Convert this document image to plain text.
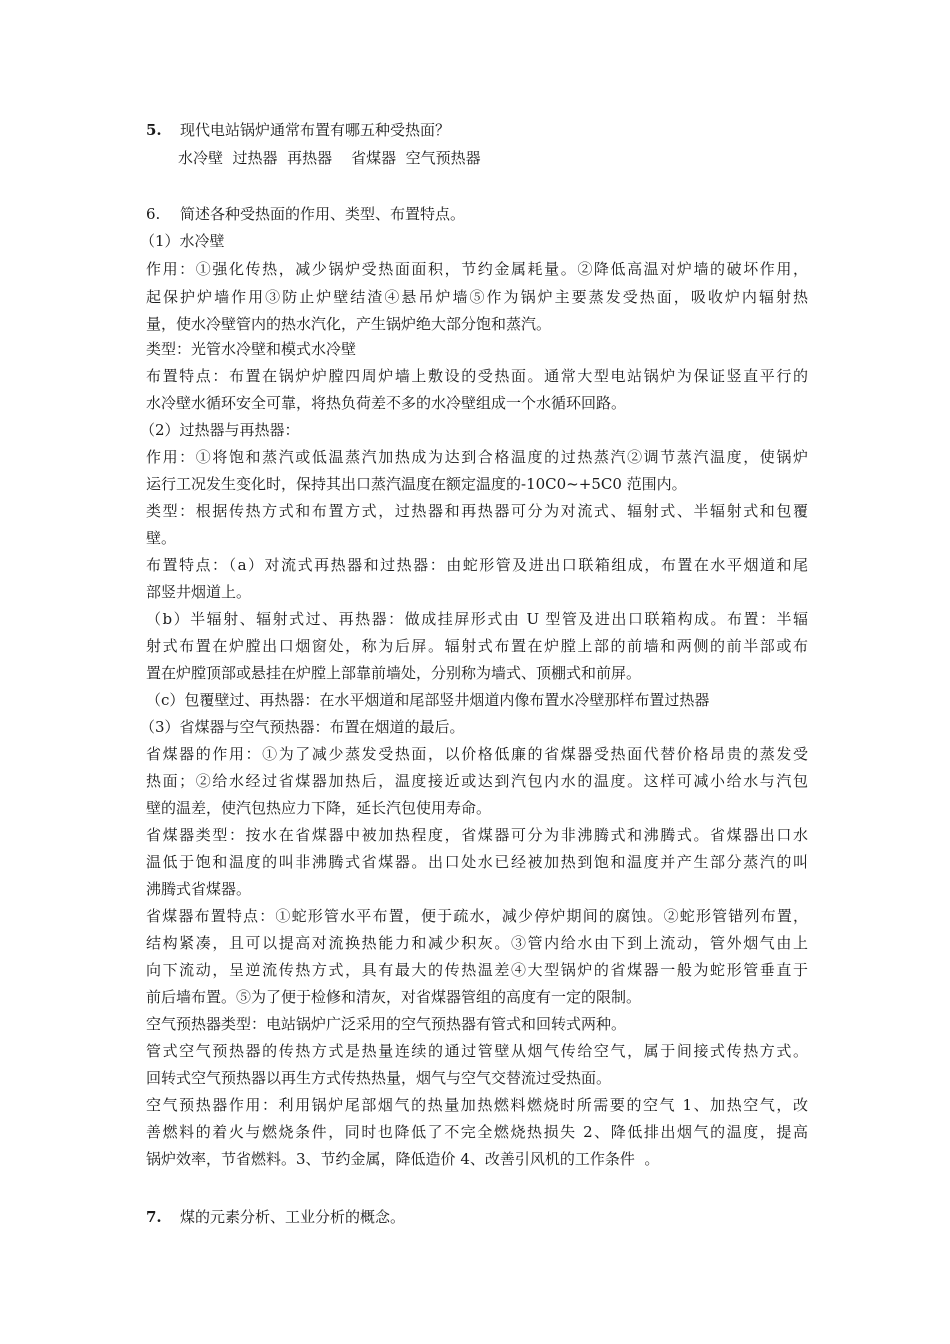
5. 现代电站锅炉通常布置有哪五种受热面？
水冷壁  过热器  再热器    省煤器  空气预热器
6. 简述各种受热面的作用、类型、布置特点。
（1）水冷壁
作用：①强化传热，减少锅炉受热面面积，节约金属耗量。②降低高温对炉墙的破坏作用，
起保护炉墙作用③防止炉壁结渣④悬吊炉墙⑤作为锅炉主要蒸发受热面，吸收炉内辐射热
量，使水冷壁管内的热水汽化，产生锅炉绝大部分饱和蒸汽。
类型：光管水冷壁和模式水冷壁
布置特点：布置在锅炉炉膛四周炉墙上敷设的受热面。通常大型电站锅炉为保证竖直平行的
水冷壁水循环安全可靠，将热负荷差不多的水冷壁组成一个水循环回路。
（2）过热器与再热器：
作用：①将饱和蒸汽或低温蒸汽加热成为达到合格温度的过热蒸汽②调节蒸汽温度，使锅炉
运行工况发生变化时，保持其出口蒸汽温度在额定温度的-10C0~+5C0 范围内。
类型：根据传热方式和布置方式，过热器和再热器可分为对流式、辐射式、半辐射式和包覆
壁。
布置特点：（a）对流式再热器和过热器：由蛇形管及进出口联箱组成，布置在水平烟道和尾
部竖井烟道上。
（b）半辐射、辐射式过、再热器：做成挂屏形式由 U 型管及进出口联箱构成。布置：半辐
射式布置在炉膛出口烟窗处，称为后屏。辐射式布置在炉膛上部的前墙和两侧的前半部或布
置在炉膛顶部或悬挂在炉膛上部靠前墙处，分别称为墙式、顶棚式和前屏。
（c）包覆壁过、再热器：在水平烟道和尾部竖井烟道内像布置水冷壁那样布置过热器
（3）省煤器与空气预热器：布置在烟道的最后。
省煤器的作用：①为了减少蒸发受热面，以价格低廉的省煤器受热面代替价格昂贵的蒸发受
热面；②给水经过省煤器加热后，温度接近或达到汽包内水的温度。这样可减小给水与汽包
壁的温差，使汽包热应力下降，延长汽包使用寿命。
省煤器类型：按水在省煤器中被加热程度，省煤器可分为非沸腾式和沸腾式。省煤器出口水
温低于饱和温度的叫非沸腾式省煤器。出口处水已经被加热到饱和温度并产生部分蒸汽的叫
沸腾式省煤器。
省煤器布置特点：①蛇形管水平布置，便于疏水，减少停炉期间的腐蚀。②蛇形管错列布置，
结构紧凑，且可以提高对流换热能力和减少积灰。③管内给水由下到上流动，管外烟气由上
向下流动，呈逆流传热方式，具有最大的传热温差④大型锅炉的省煤器一般为蛇形管垂直于
前后墙布置。⑤为了便于检修和清灰，对省煤器管组的高度有一定的限制。
空气预热器类型：电站锅炉广泛采用的空气预热器有管式和回转式两种。
管式空气预热器的传热方式是热量连续的通过管壁从烟气传给空气，属于间接式传热方式。
回转式空气预热器以再生方式传热热量，烟气与空气交替流过受热面。
空气预热器作用：利用锅炉尾部烟气的热量加热燃料燃烧时所需要的空气 1、加热空气，改
善燃料的着火与燃烧条件，同时也降低了不完全燃烧热损失 2、降低排出烟气的温度，提高
锅炉效率，节省燃料。3、节约金属，降低造价 4、改善引风机的工作条件  。
7. 煤的元素分析、工业分析的概念。
